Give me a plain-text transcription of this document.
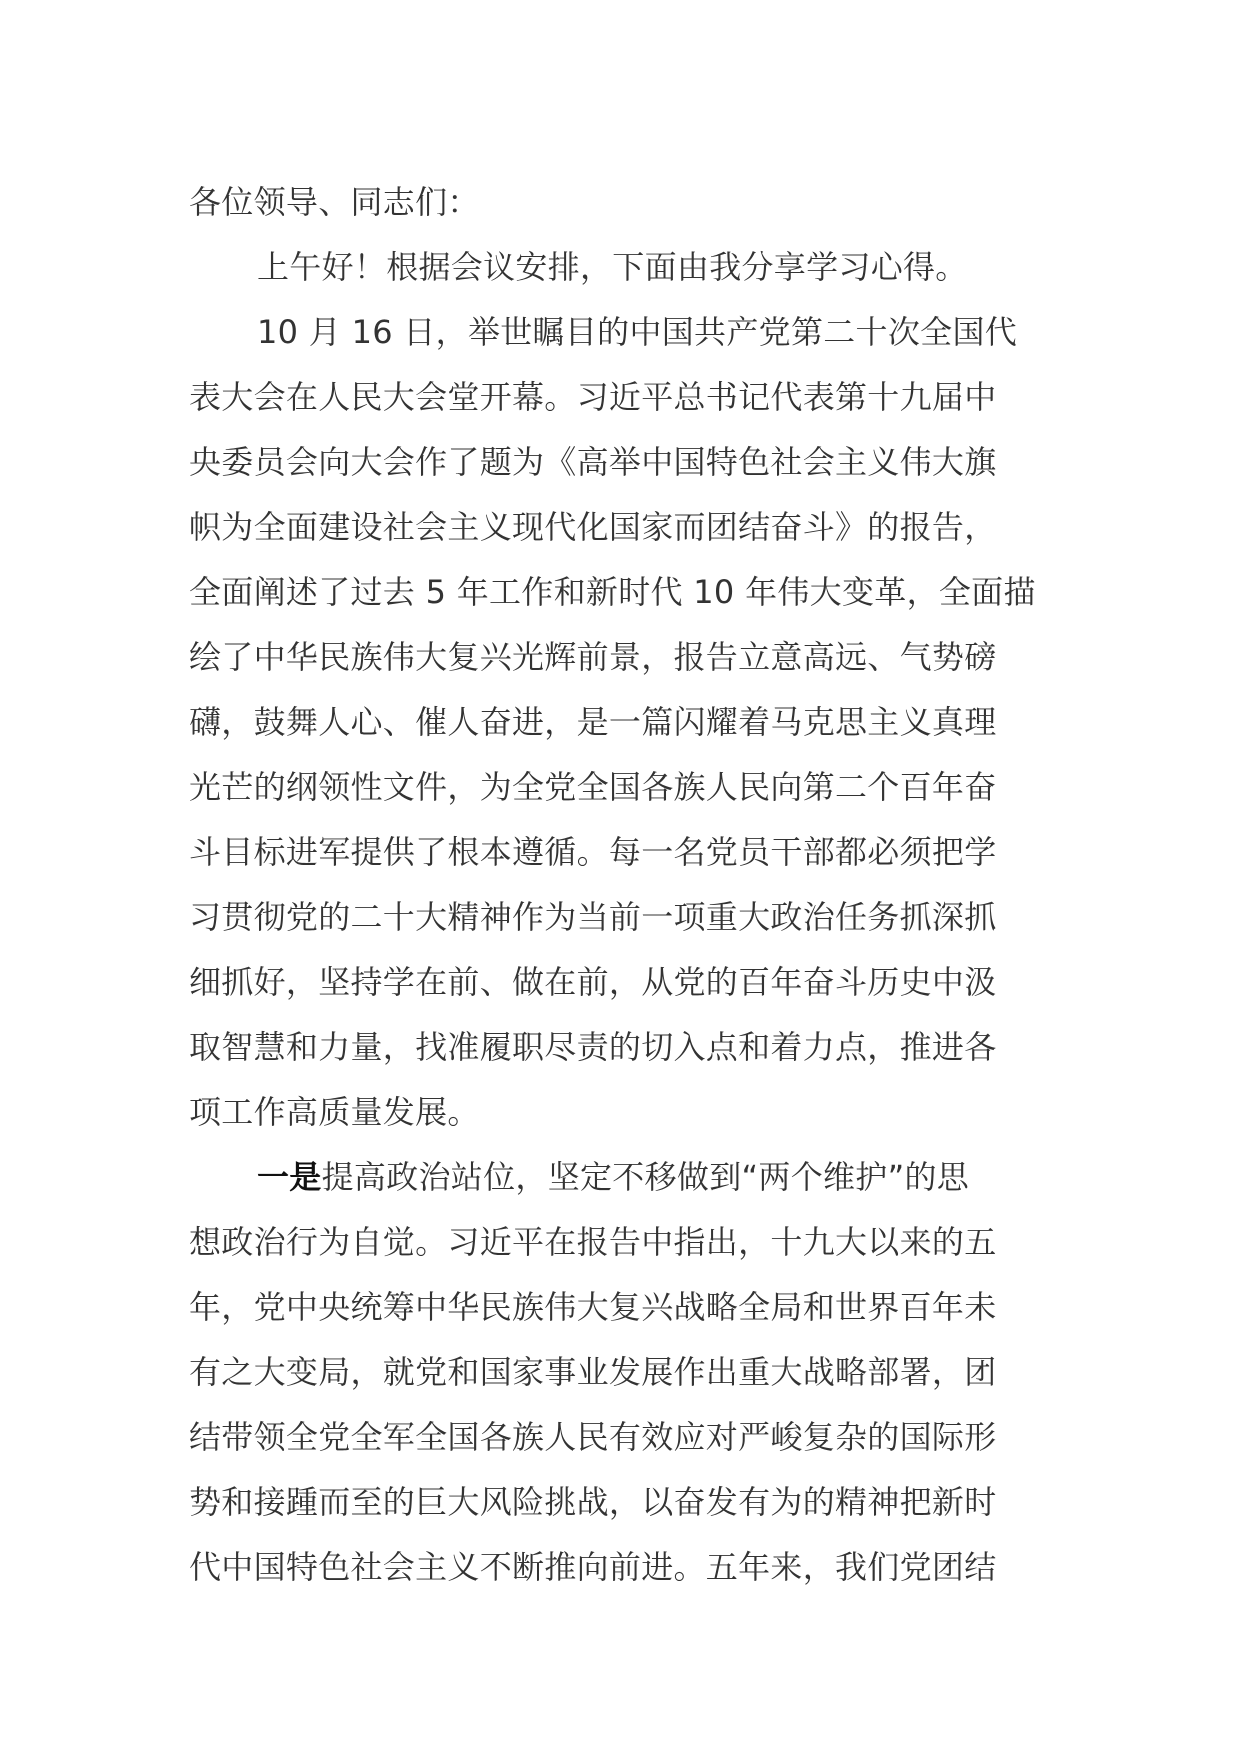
各位领导、同志们：
上午好！根据会议安排，下面由我分享学习心得。
10 月 16 日，举世瞩目的中国共产党第二十次全国代
表大会在人民大会堂开幕。习近平总书记代表第十九届中
央委员会向大会作了题为《高举中国特色社会主义伟大旗
帜为全面建设社会主义现代化国家而团结奋斗》的报告，
全面阐述了过去 5 年工作和新时代 10 年伟大变革，全面描
绘了中华民族伟大复兴光辉前景，报告立意高远、气势磅
礴，鼓舞人心、催人奋进，是一篇闪耀着马克思主义真理
光芒的纲领性文件，为全党全国各族人民向第二个百年奋
斗目标进军提供了根本遵循。每一名党员干部都必须把学
习贯彻党的二十大精神作为当前一项重大政治任务抓深抓
细抓好，坚持学在前、做在前，从党的百年奋斗历史中汲
取智慧和力量，找准履职尽责的切入点和着力点，推进各
项工作高质量发展。
一是提高政治站位，坚定不移做到“两个维护”的思
想政治行为自觉。习近平在报告中指出，十九大以来的五
年，党中央统筹中华民族伟大复兴战略全局和世界百年未
有之大变局，就党和国家事业发展作出重大战略部署，团
结带领全党全军全国各族人民有效应对严峻复杂的国际形
势和接踵而至的巨大风险挑战，以奋发有为的精神把新时
代中国特色社会主义不断推向前进。五年来，我们党团结
